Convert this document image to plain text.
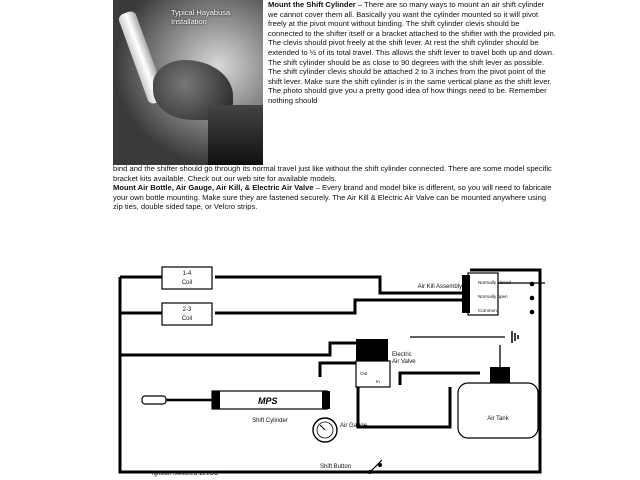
Typical Hayabusa Installation

Mount the Shift Cylinder – There are so many ways to mount an air shift cylinder we cannot cover them all. Basically you want the cylinder mounted so it will pivot freely at the pivot mount without binding. The shift cylinder clevis should be connected to the shifter itself or a bracket attached to the shifter with the provided pin. The clevis should pivot freely at the shift lever. At rest the shift cylinder should be extended to ½ of its total travel. This allows the shift lever to travel both up and down. The shift cylinder should be as close to 90 degrees with the shift lever as possible. The shift cylinder clevis should be attached 2 to 3 inches from the pivot point of the shift lever. Make sure the shift cylinder is in the same vertical plane as the shift lever. The photo should give you a pretty good idea of how things need to be. Remember nothing should

bind and the shifter should go through its normal travel just like without the shift cylinder connected. There are some model specific bracket kits available. Check out our web site for available models.

Mount Air Bottle, Air Gauge, Air Kill, & Electric Air Valve – Every brand and model bike is different, so you will need to fabricate your own bottle mounting. Make sure they are fastened securely. The Air Kill & Electric Air Valve can be mounted anywhere using zip ties, double sided tape, or Velcro strips.

1-4
Coil
2-3
Coil
Air Kill Assembly
Normally closed
Normally open
Common
Electric
Air Valve
Out
In
MPS
Shift Cylinder
Air Gauge
Air Tank
Ignition Switched 12VDC
Shift Button
